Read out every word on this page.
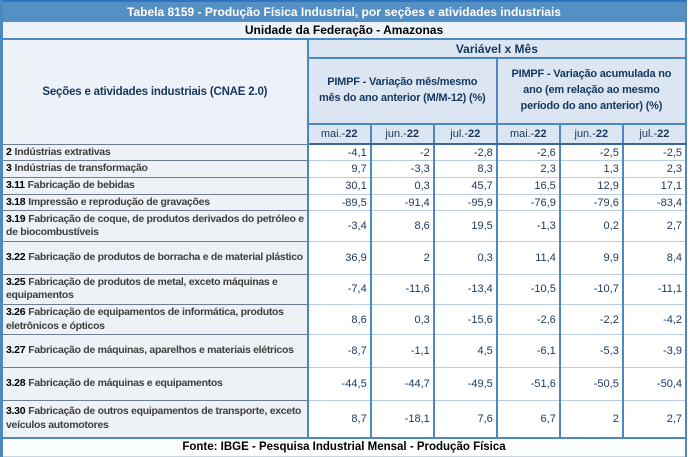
Tabela 8159 - Produção Física Industrial, por seções e atividades industriais						
Unidade da Federação - Amazonas						
Seções e atividades industriais (CNAE 2.0)	Variável x Mês					
	PIMPF - Variação mês/mesmo mês do ano anterior (M/M-12) (%)			PIMPF - Variação acumulada no ano (em relação ao mesmo período do ano anterior) (%)		
	mai.-22	jun.-22	jul.-22	mai.-22	jun.-22	jul.-22
2 Indústrias extrativas	-4,1	-2	-2,8	-2,6	-2,5	-2,5
3 Indústrias de transformação	9,7	-3,3	8,3	2,3	1,3	2,3
3.11 Fabricação de bebidas	30,1	0,3	45,7	16,5	12,9	17,1
3.18 Impressão e reprodução de gravações	-89,5	-91,4	-95,9	-76,9	-79,6	-83,4
3.19 Fabricação de coque, de produtos derivados do petróleo e de biocombustíveis	-3,4	8,6	19,5	-1,3	0,2	2,7
3.22 Fabricação de produtos de borracha e de material plástico	36,9	2	0,3	11,4	9,9	8,4
3.25 Fabricação de produtos de metal, exceto máquinas e equipamentos	-7,4	-11,6	-13,4	-10,5	-10,7	-11,1
3.26 Fabricação de equipamentos de informática, produtos eletrônicos e ópticos	8,6	0,3	-15,6	-2,6	-2,2	-4,2
3.27 Fabricação de máquinas, aparelhos e materiais elétricos	-8,7	-1,1	4,5	-6,1	-5,3	-3,9
3.28 Fabricação de máquinas e equipamentos	-44,5	-44,7	-49,5	-51,6	-50,5	-50,4
3.30 Fabricação de outros equipamentos de transporte, exceto veículos automotores	8,7	-18,1	7,6	6,7	2	2,7
Fonte: IBGE - Pesquisa Industrial Mensal - Produção Física						
